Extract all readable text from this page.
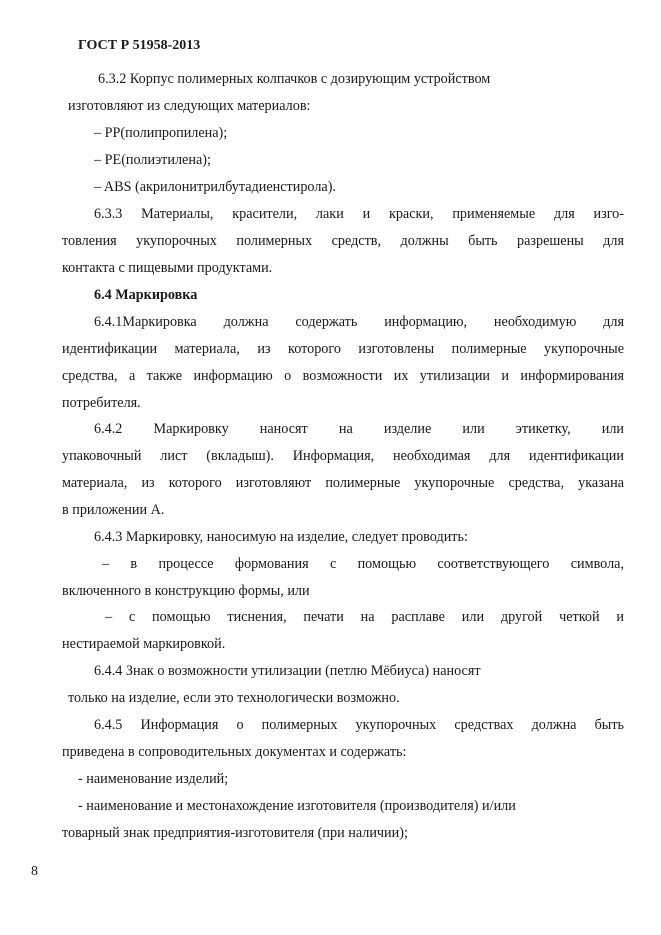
ГОСТ Р 51958-2013
6.3.2 Корпус полимерных колпачков с дозирующим устройством
изготовляют из следующих материалов:
– PP(полипропилена);
– PE(полиэтилена);
– ABS (акрилонитрилбутадиенстирола).
6.3.3 Материалы, красители, лаки и краски, применяемые для изго-
товления укупорочных полимерных средств, должны быть разрешены для
контакта с пищевыми продуктами.
6.4 Маркировка
6.4.1Маркировка должна содержать информацию, необходимую для
идентификации материала, из которого изготовлены полимерные укупорочные
средства, а также информацию о возможности их утилизации и информирования
потребителя.
6.4.2 Маркировку наносят на изделие или этикетку, или
упаковочный лист (вкладыш). Информация, необходимая для идентификации
материала, из которого изготовляют полимерные укупорочные средства, указана
в приложении А.
6.4.3 Маркировку, наносимую на изделие, следует проводить:
– в процессе формования с помощью соответствующего символа,
включенного в конструкцию формы, или
– с помощью тиснения, печати на расплаве или другой четкой и
нестираемой маркировкой.
6.4.4 Знак о возможности утилизации (петлю Мёбиуса) наносят
только на изделие, если это технологически возможно.
6.4.5 Информация о полимерных укупорочных средствах должна быть
приведена в сопроводительных документах и содержать:
- наименование изделий;
- наименование и местонахождение изготовителя (производителя) и/или
товарный знак предприятия-изготовителя (при наличии);
8
